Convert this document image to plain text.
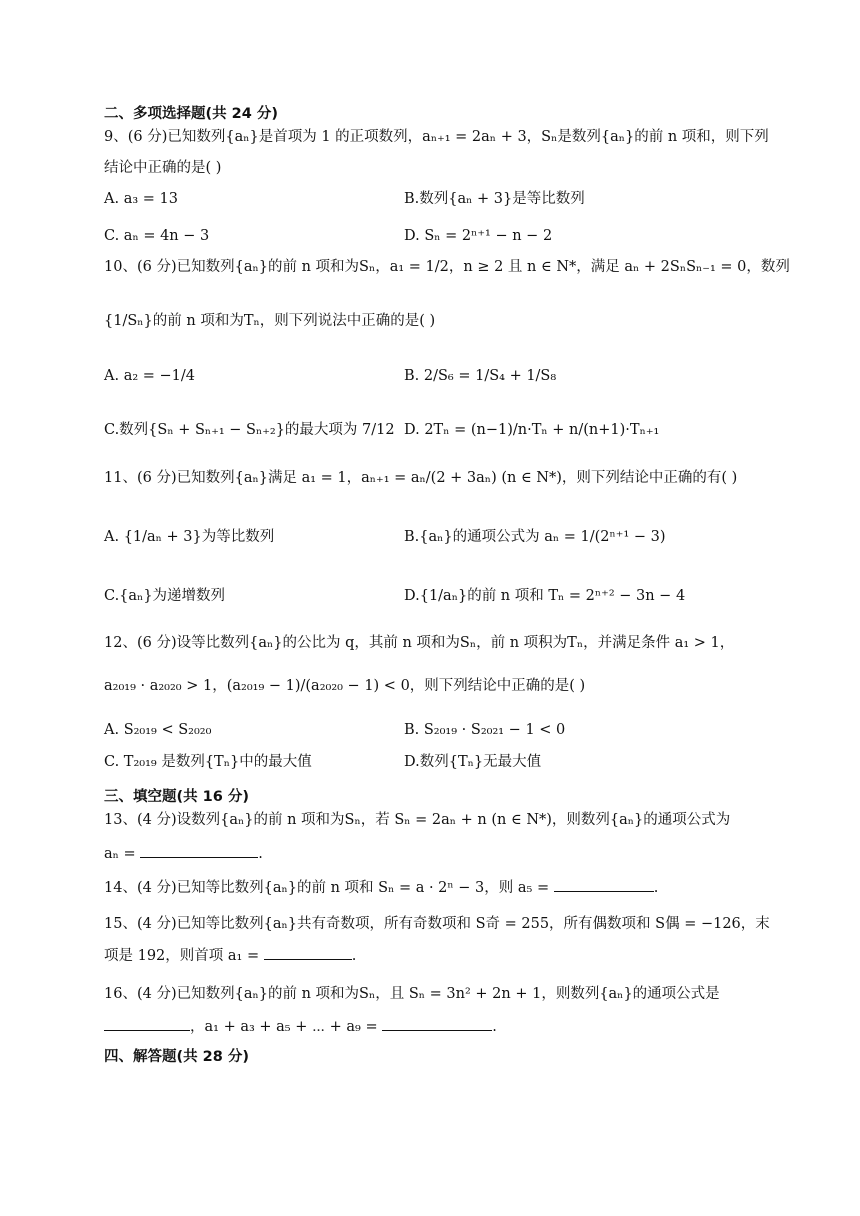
二、多项选择题(共 24 分)
9、(6 分)已知数列{aₙ}是首项为 1 的正项数列，aₙ₊₁ = 2aₙ + 3，Sₙ是数列{aₙ}的前 n 项和，则下列
结论中正确的是( )
A. a₃ = 13	B.数列{aₙ + 3}是等比数列
C. aₙ = 4n − 3	D. Sₙ = 2ⁿ⁺¹ − n − 2
10、(6 分)已知数列{aₙ}的前 n 项和为Sₙ，a₁ = 1/2，n ≥ 2 且 n ∈ N*，满足 aₙ + 2SₙSₙ₋₁ = 0，数列
{1/Sₙ}的前 n 项和为Tₙ，则下列说法中正确的是( )
A. a₂ = −1/4	B. 2/S₆ = 1/S₄ + 1/S₈
C.数列{Sₙ + Sₙ₊₁ − Sₙ₊₂}的最大项为 7/12 D. 2Tₙ = (n−1)/n·Tₙ + n/(n+1)·Tₙ₊₁
11、(6 分)已知数列{aₙ}满足 a₁ = 1，aₙ₊₁ = aₙ/(2 + 3aₙ) (n ∈ N*)，则下列结论中正确的有( )
A. {1/aₙ + 3}为等比数列	B.{aₙ}的通项公式为 aₙ = 1/(2ⁿ⁺¹ − 3)
C.{aₙ}为递增数列	D.{1/aₙ}的前 n 项和 Tₙ = 2ⁿ⁺² − 3n − 4
12、(6 分)设等比数列{aₙ}的公比为 q，其前 n 项和为Sₙ，前 n 项积为Tₙ，并满足条件 a₁ > 1，
a₂₀₁₉ · a₂₀₂₀ > 1，(a₂₀₁₉ − 1)/(a₂₀₂₀ − 1) < 0，则下列结论中正确的是( )
A. S₂₀₁₉ < S₂₀₂₀	B. S₂₀₁₉ · S₂₀₂₁ − 1 < 0
C. T₂₀₁₉ 是数列{Tₙ}中的最大值	D.数列{Tₙ}无最大值
三、填空题(共 16 分)
13、(4 分)设数列{aₙ}的前 n 项和为Sₙ，若 Sₙ = 2aₙ + n (n ∈ N*)，则数列{aₙ}的通项公式为
aₙ =	.
14、(4 分)已知等比数列{aₙ}的前 n 项和 Sₙ = a · 2ⁿ − 3，则 a₅ =	.
15、(4 分)已知等比数列{aₙ}共有奇数项，所有奇数项和 S奇 = 255，所有偶数项和 S偶 = −126，末
项是 192，则首项 a₁ =	.
16、(4 分)已知数列{aₙ}的前 n 项和为Sₙ，且 Sₙ = 3n² + 2n + 1，则数列{aₙ}的通项公式是
，a₁ + a₃ + a₅ + ⋯ + a₉ =	.
四、解答题(共 28 分)
